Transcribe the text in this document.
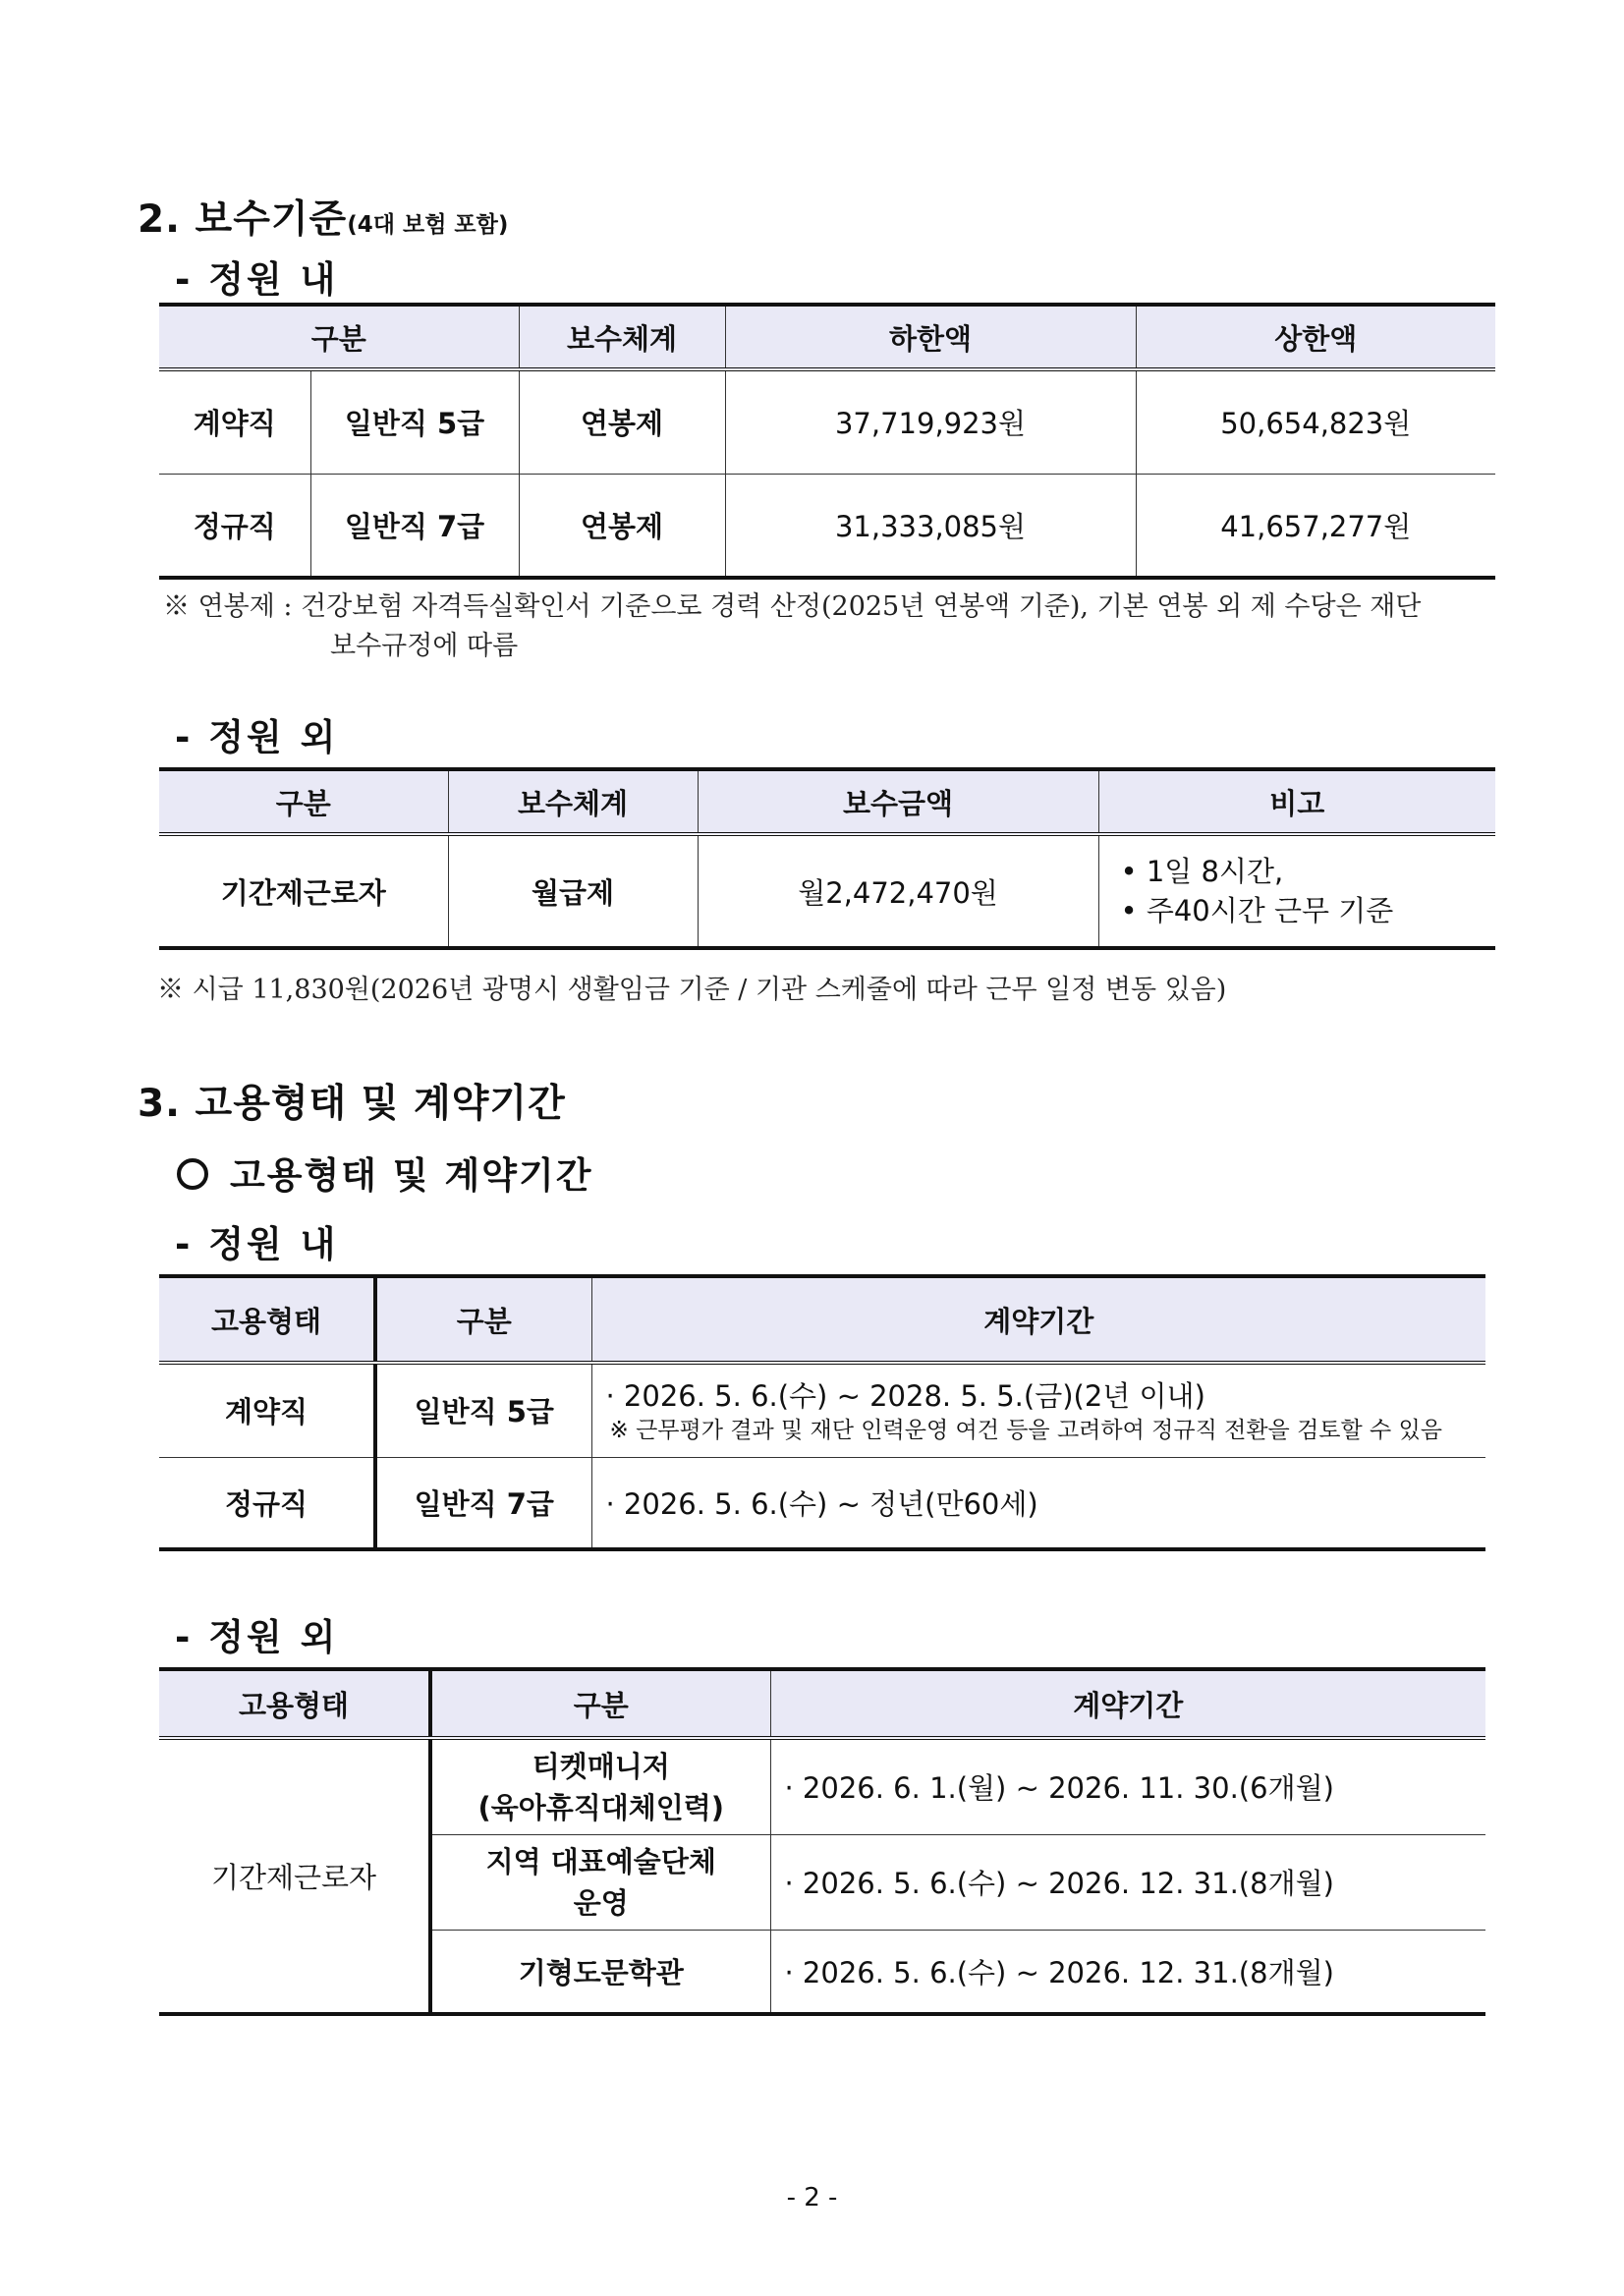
2. 보수기준(4대 보험 포함)
- 정원 내
구분		보수체계	하한액	상한액
계약직	일반직 5급	연봉제	37,719,923원	50,654,823원
정규직	일반직 7급	연봉제	31,333,085원	41,657,277원
※ 연봉제 : 건강보험 자격득실확인서 기준으로 경력 산정(2025년 연봉액 기준), 기본 연봉 외 제 수당은 재단
보수규정에 따름
- 정원 외
구분	보수체계	보수금액	비고
기간제근로자	월급제	월2,472,470원	• 1일 8시간,
• 주40시간 근무 기준
※ 시급 11,830원(2026년 광명시 생활임금 기준 / 기관 스케줄에 따라 근무 일정 변동 있음)
3. 고용형태 및 계약기간
고용형태 및 계약기간
- 정원 내
고용형태	구분	계약기간
계약직	일반직 5급	· 2026. 5. 6.(수) ~ 2028. 5. 5.(금)(2년 이내)
※ 근무평가 결과 및 재단 인력운영 여건 등을 고려하여 정규직 전환을 검토할 수 있음

정규직	일반직 7급	· 2026. 5. 6.(수) ~ 정년(만60세)
- 정원 외
고용형태	구분	계약기간
기간제근로자	티켓매니저
(육아휴직대체인력)	· 2026. 6. 1.(월) ~ 2026. 11. 30.(6개월)

	지역 대표예술단체
운영	· 2026. 5. 6.(수) ~ 2026. 12. 31.(8개월)
	기형도문학관	· 2026. 5. 6.(수) ~ 2026. 12. 31.(8개월)
- 2 -
